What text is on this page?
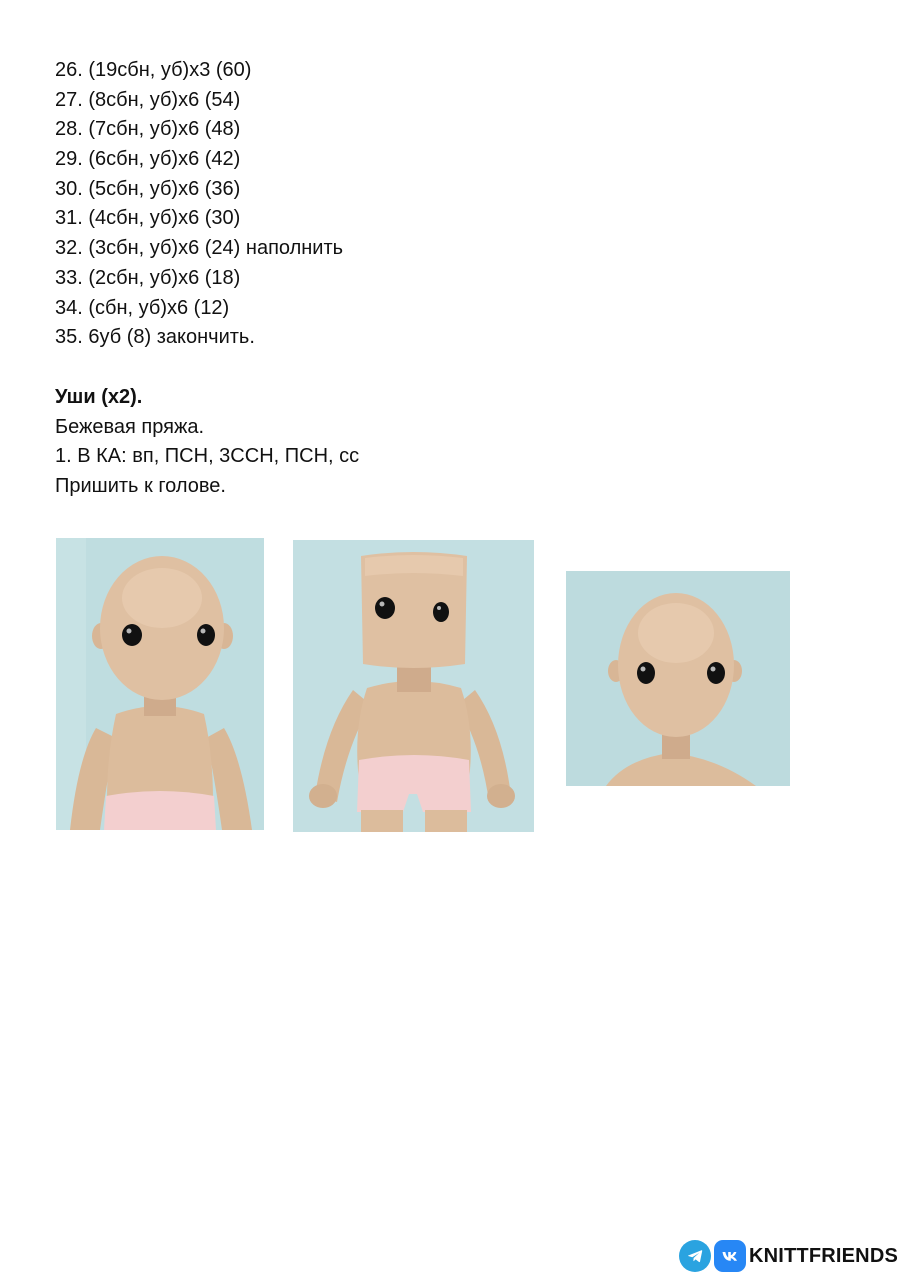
26. (19сбн, уб)х3 (60)
27. (8сбн, уб)х6 (54)
28. (7сбн, уб)х6 (48)
29. (6сбн, уб)х6 (42)
30. (5сбн, уб)х6 (36)
31. (4сбн, уб)х6 (30)
32. (3сбн, уб)х6 (24) наполнить
33. (2сбн, уб)х6 (18)
34. (сбн, уб)х6 (12)
35. 6уб (8) закончить.

Уши (х2).

Бежевая пряжа.

1. В КА: вп, ПСН, 3ССН, ПСН, сс

Пришить к голове.

KNITTFRIENDS
